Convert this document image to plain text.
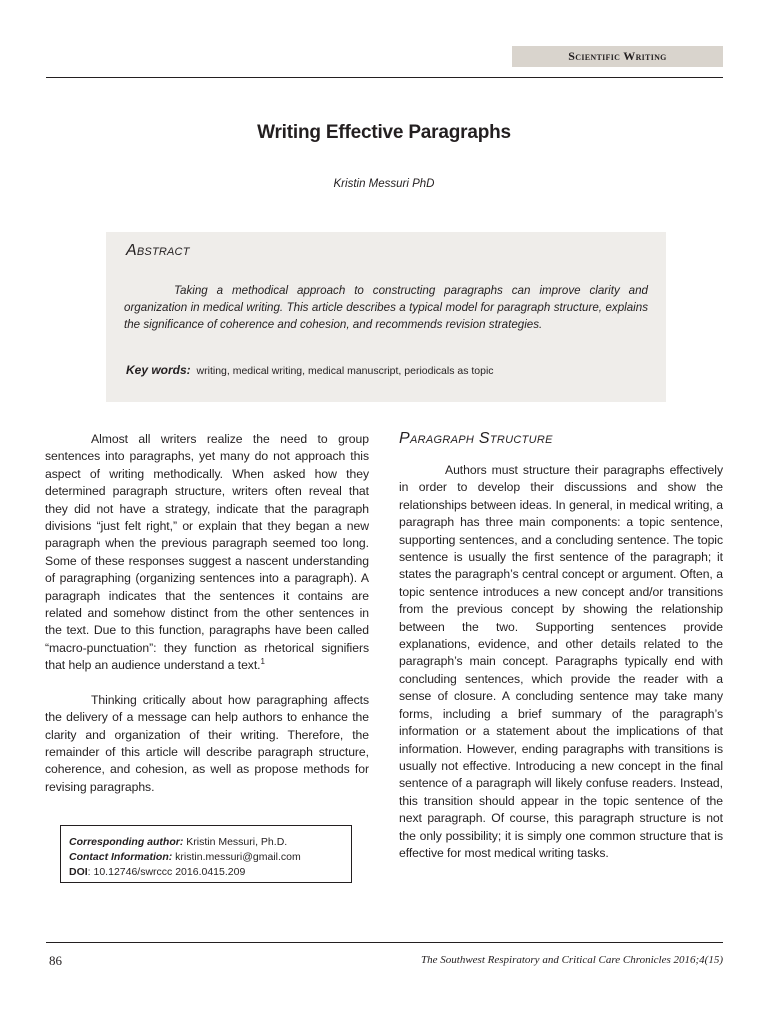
Scientific Writing
Writing Effective Paragraphs
Kristin Messuri PhD
Abstract

Taking a methodical approach to constructing paragraphs can improve clarity and organization in medical writing. This article describes a typical model for paragraph structure, explains the significance of coherence and cohesion, and recommends revision strategies.

Key words: writing, medical writing, medical manuscript, periodicals as topic

Almost all writers realize the need to group sentences into paragraphs, yet many do not approach this aspect of writing methodically. When asked how they determined paragraph structure, writers often reveal that they did not have a strategy, indicate that the paragraph divisions “just felt right,” or explain that they began a new paragraph when the previous paragraph seemed too long. Some of these responses suggest a nascent understanding of paragraphing (organizing sentences into a paragraph). A paragraph indicates that the sentences it contains are related and somehow distinct from the other sentences in the text. Due to this function, paragraphs have been called “macro-punctuation”: they function as rhetorical signifiers that help an audience understand a text.$^1$

Thinking critically about how paragraphing affects the delivery of a message can help authors to enhance the clarity and organization of their writing. Therefore, the remainder of this article will describe paragraph structure, coherence, and cohesion, as well as propose methods for revising paragraphs.

Corresponding author: Kristin Messuri, Ph.D.
Contact Information: kristin.messuri@gmail.com
DOI: 10.12746/swrccc 2016.0415.209
Paragraph Structure

Authors must structure their paragraphs effectively in order to develop their discussions and show the relationships between ideas. In general, in medical writing, a paragraph has three main components: a topic sentence, supporting sentences, and a concluding sentence. The topic sentence is usually the first sentence of the paragraph; it states the paragraph’s central concept or argument. Often, a topic sentence introduces a new concept and/or transitions from the previous concept by showing the relationship between the two. Supporting sentences provide explanations, evidence, and other details related to the paragraph’s main concept. Paragraphs typically end with concluding sentences, which provide the reader with a sense of closure. A concluding sentence may take many forms, including a brief summary of the paragraph’s information or a statement about the implications of that information. However, ending paragraphs with transitions is usually not effective. Introducing a new concept in the final sentence of a paragraph will likely confuse readers. Instead, this transition should appear in the topic sentence of the next paragraph. Of course, this paragraph structure is not the only possibility; it is simply one common structure that is effective for most medical writing tasks.

86	The Southwest Respiratory and Critical Care Chronicles 2016;4(15)
